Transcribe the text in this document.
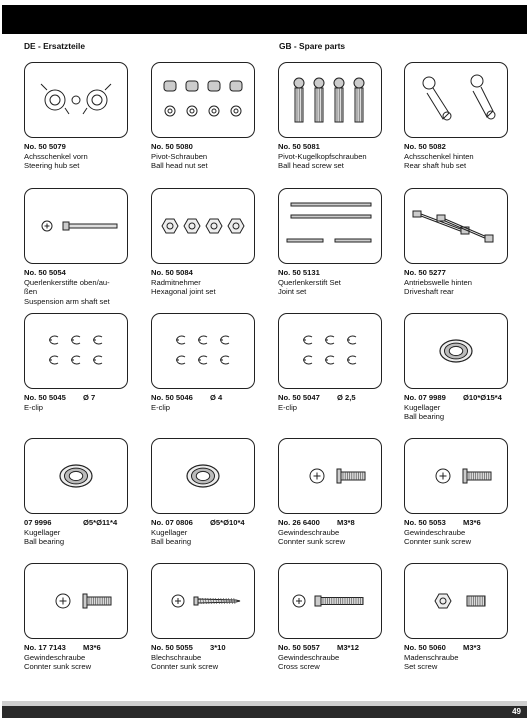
DE - Ersatzteile	GB - Spare parts
No. 50 5079
Achsschenkel vorn
Steering hub set
No. 50 5080
Pivot-Schrauben
Ball head nut set
No. 50 5081
Pivot-Kugelkopfschrauben
Ball head screw set
No. 50 5082
Achsschenkel hinten
Rear shaft hub set
No. 50 5054
Querlenkerstifte oben/au-
ßen
Suspension arm shaft set
No. 50 5084
Radmitnehmer
Hexagonal joint set
No. 50 5131
Querlenkerstift Set
Joint set
No. 50 5277
Antriebswelle hinten
Driveshaft rear
No. 50 5045 Ø 7
E-clip
No. 50 5046 Ø 4
E-clip
No. 50 5047 Ø 2,5
E-clip
No. 07 9989 Ø10*Ø15*4
Kugellager
Ball bearing
07 9996	Ø5*Ø11*4
Kugellager
Ball bearing
No. 07 0806 Ø5*Ø10*4
Kugellager
Ball bearing
No. 26 6400 M3*8
Gewindeschraube
Connter sunk screw
No. 50 5053 M3*6
Gewindeschraube
Connter sunk screw
No. 17 7143 M3*6
Gewindeschraube
Connter sunk screw
No. 50 5055 3*10
Blechschraube
Connter sunk screw
No. 50 5057 M3*12
Gewindeschraube
Cross screw
No. 50 5060 M3*3
Madenschraube
Set screw
49
